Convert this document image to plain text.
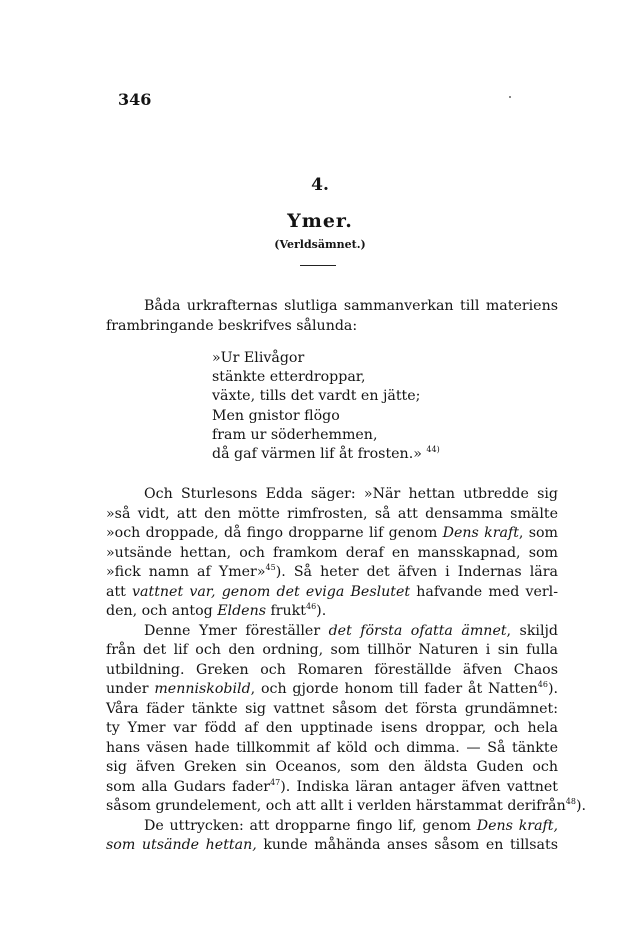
346
4.
Ymer.
(Verldsämnet.)
Båda urkrafternas slutliga sammanverkan till materiens
frambringande beskrifves sålunda:
»Ur Elivågor
stänkte etterdroppar,
växte, tills det vardt en jätte;
Men gnistor flögo
fram ur söderhemmen,
då gaf värmen lif åt frosten.» $^{44)}$
Och Sturlesons Edda säger: »När hettan utbredde sig
»så vidt, att den mötte rimfrosten, så att densamma smälte
»och droppade, då fingo dropparne lif genom Dens kraft, som
»utsände hettan, och framkom deraf en mansskapnad, som
»fick namn af Ymer»$^{45}$). Så heter det äfven i Indernas lära
att vattnet var, genom det eviga Beslutet hafvande med verl-
den, och antog Eldens frukt$^{46}$).
Denne Ymer föreställer det första ofatta ämnet, skiljd
från det lif och den ordning, som tillhör Naturen i sin fulla
utbildning. Greken och Romaren föreställde äfven Chaos
under menniskobild, och gjorde honom till fader åt Natten$^{46}$).
Våra fäder tänkte sig vattnet såsom det första grundämnet:
ty Ymer var född af den upptinade isens droppar, och hela
hans väsen hade tillkommit af köld och dimma. — Så tänkte
sig äfven Greken sin Oceanos, som den äldsta Guden och
som alla Gudars fader$^{47}$). Indiska läran antager äfven vattnet
såsom grundelement, och att allt i verlden härstammat derifrån$^{48}$).
De uttrycken: att dropparne fingo lif, genom Dens kraft,
som utsände hettan, kunde måhända anses såsom en tillsats
